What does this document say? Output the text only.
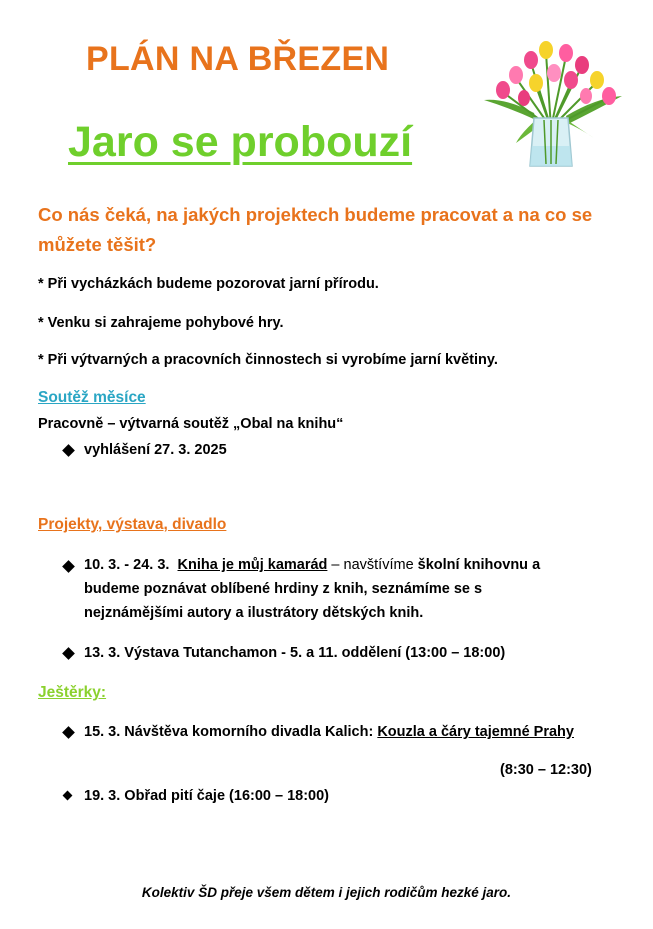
PLÁN NA BŘEZEN
Jaro se probouzí
Co nás čeká, na jakých projektech budeme pracovat a na co se můžete těšit?
* Při vycházkách budeme pozorovat jarní přírodu.
* Venku si zahrajeme pohybové hry.
* Při výtvarných a pracovních činnostech si vyrobíme jarní květiny.
Soutěž měsíce
Pracovně – výtvarná soutěž „Obal na knihu“
vyhlášení 27. 3. 2025
Projekty, výstava, divadlo
10. 3. - 24. 3. Kniha je můj kamarád – navštívíme školní knihovnu a
budeme poznávat oblíbené hrdiny z knih, seznámíme se s
nejznámějšími autory a ilustrátory dětských knih.
13. 3. Výstava Tutanchamon - 5. a 11. oddělení (13:00 – 18:00)
Ještěrky:
15. 3. Návštěva komorního divadla Kalich: Kouzla a čáry tajemné Prahy
(8:30 – 12:30)
19. 3. Obřad pití čaje (16:00 – 18:00)
Kolektiv ŠD přeje všem dětem i jejich rodičům hezké jaro.
